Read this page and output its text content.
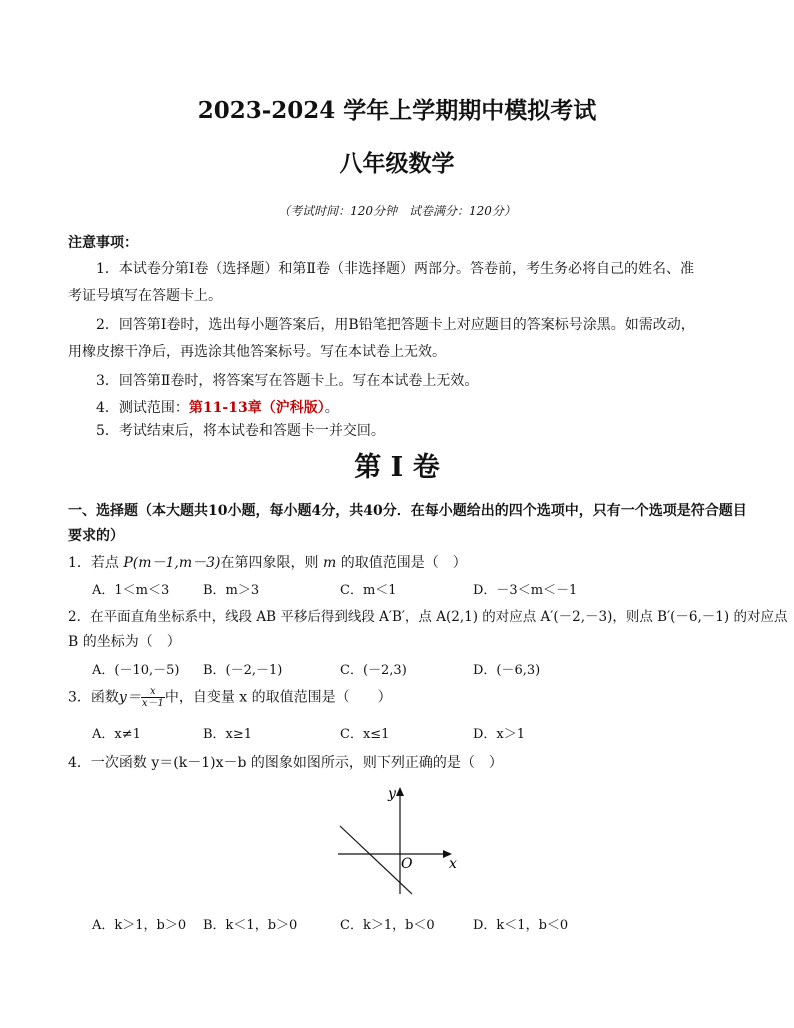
2023-2024 学年上学期期中模拟考试
八年级数学
（考试时间：120分钟　试卷满分：120分）
注意事项：
1．本试卷分第Ⅰ卷（选择题）和第Ⅱ卷（非选择题）两部分。答卷前，考生务必将自己的姓名、准
考证号填写在答题卡上。
2．回答第Ⅰ卷时，选出每小题答案后，用B铅笔把答题卡上对应题目的答案标号涂黑。如需改动，
用橡皮擦干净后，再选涂其他答案标号。写在本试卷上无效。
3．回答第Ⅱ卷时，将答案写在答题卡上。写在本试卷上无效。
4．测试范围：第11-13章（沪科版）。
5．考试结束后，将本试卷和答题卡一并交回。
第 I 卷
一、选择题（本大题共10小题，每小题4分，共40分．在每小题给出的四个选项中，只有一个选项是符合题目
要求的）
1．若点 P(m－1,m－3)在第四象限，则 m 的取值范围是（　）
A．1＜m＜3	B．m＞3	C．m＜1	D．－3＜m＜－1
2．在平面直角坐标系中，线段 AB 平移后得到线段 A′B′，点 A(2,1) 的对应点 A′(－2,－3)，则点 B′(－6,－1) 的对应点
B 的坐标为（　）
A．(－10,－5) B．(－2,－1)	C．(－2,3)	D．(－6,3)
3．函数$y= \frac{x}{x-1}$ 中，自变量 x 的取值范围是（　　）
A．x≠1	B．x≥1	C．x≤1	D．x＞1
4．一次函数 y＝(k－1)x－b 的图象如图所示，则下列正确的是（　）
x
y
O
A．k＞1，b＞0 B．k＜1，b＞0	C．k＞1，b＜0	D．k＜1，b＜0
